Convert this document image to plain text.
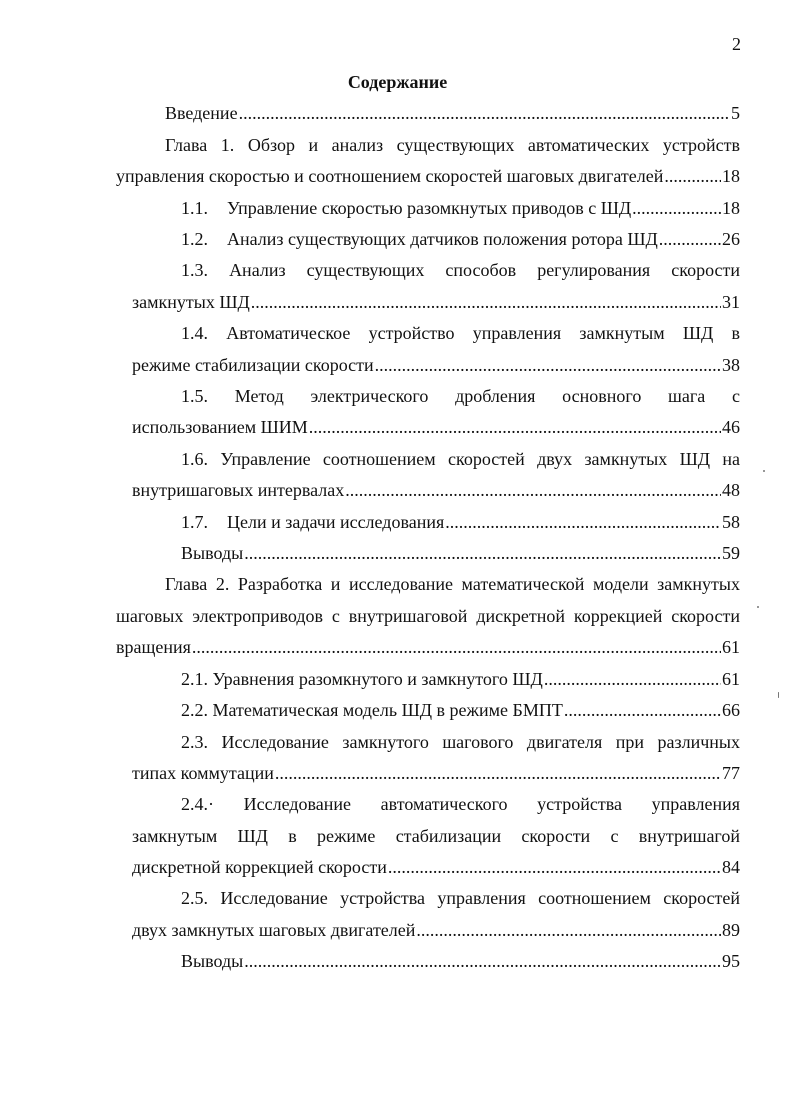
2
Содержание
Введение .....	5
Глава 1. Обзор и анализ существующих автоматических устройств
управления скоростью и соотношением скоростей шаговых двигателей .....	18
1.1. Управление скоростью разомкнутых приводов с ШД .....	18
1.2. Анализ существующих датчиков положения ротора ШД .....	26
1.3. Анализ существующих способов регулирования скорости
замкнутых ШД .....	31
1.4. Автоматическое устройство управления замкнутым ШД в
режиме стабилизации скорости .....	38
1.5. Метод электрического дробления основного шага с
использованием ШИМ .....	46
1.6. Управление соотношением скоростей двух замкнутых ШД на
внутришаговых интервалах .....	48
1.7. Цели и задачи исследования .....	58
Выводы .....	59
Глава 2. Разработка и исследование математической модели замкнутых
шаговых электроприводов с внутришаговой дискретной коррекцией скорости
вращения .....	61
2.1. Уравнения разомкнутого и замкнутого ШД .....	61
2.2. Математическая модель ШД в режиме БМПТ .....	66
2.3. Исследование замкнутого шагового двигателя при различных
типах коммутации .....	77
2.4.· Исследование автоматического устройства управления
замкнутым ШД в режиме стабилизации скорости с внутришагой
дискретной коррекцией скорости .....	84
2.5. Исследование устройства управления соотношением скоростей
двух замкнутых шаговых двигателей .....	89
Выводы .....	95
